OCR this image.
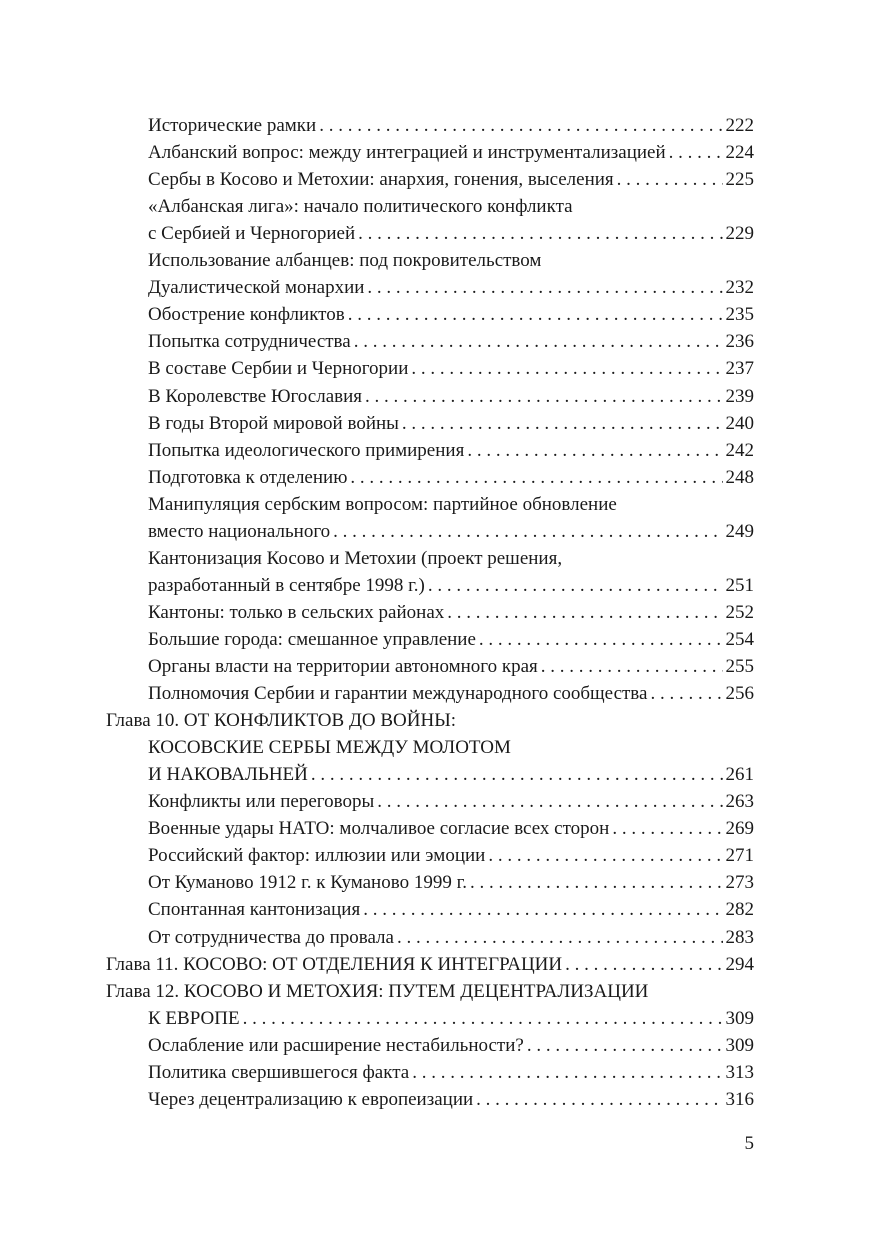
Исторические рамки . . .	222
Албанский вопрос: между интеграцией и инструментализацией . . .	224
Сербы в Косово и Метохии: анархия, гонения, выселения . . .	225
«Албанская лига»: начало политического конфликта
с Сербией и Черногорией . . .	229
Использование албанцев: под покровительством
Дуалистической монархии . . .	232
Обострение конфликтов . . .	235
Попытка сотрудничества . . .	236
В составе Сербии и Черногории . . .	237
В Королевстве Югославия . . .	239
В годы Второй мировой войны . . .	240
Попытка идеологического примирения . . .	242
Подготовка к отделению . . .	248
Манипуляция сербским вопросом: партийное обновление
вместо национального . . .	249
Кантонизация Косово и Метохии (проект решения,
разработанный в сентябре 1998 г.) . . .	251
Кантоны: только в сельских районах . . .	252
Большие города: смешанное управление . . .	254
Органы власти на территории автономного края . . .	255
Полномочия Сербии и гарантии международного сообщества . . .	256
Глава 10. ОТ КОНФЛИКТОВ ДО ВОЙНЫ:
КОСОВСКИЕ СЕРБЫ МЕЖДУ МОЛОТОМ
И НАКОВАЛЬНЕЙ . . .	261
Конфликты или переговоры . . .	263
Военные удары НАТО: молчаливое согласие всех сторон . . .	269
Российский фактор: иллюзии или эмоции . . .	271
От Куманово 1912 г. к Куманово 1999 г. . . .	273
Спонтанная кантонизация . . .	282
От сотрудничества до провала . . .	283
Глава 11. КОСОВО: ОТ ОТДЕЛЕНИЯ К ИНТЕГРАЦИИ . . .	294
Глава 12. КОСОВО И МЕТОХИЯ: ПУТЕМ ДЕЦЕНТРАЛИЗАЦИИ
К ЕВРОПЕ . . .	309
Ослабление или расширение нестабильности? . . .	309
Политика свершившегося факта . . .	313
Через децентрализацию к европеизации . . .	316
5
